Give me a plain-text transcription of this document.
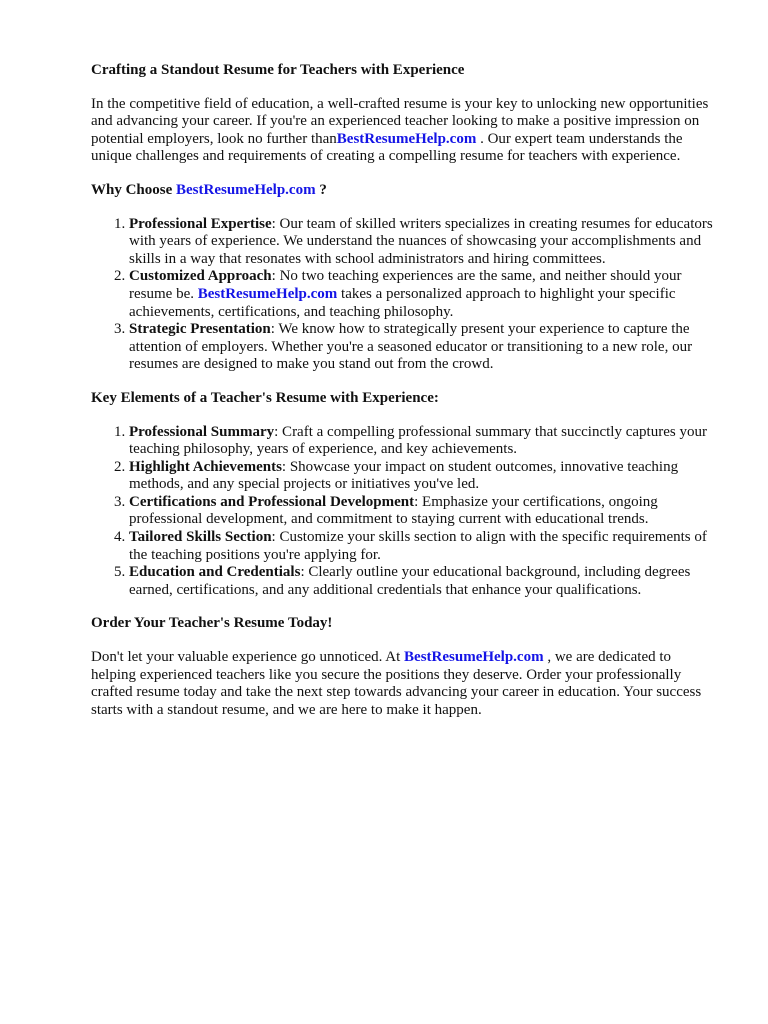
Crafting a Standout Resume for Teachers with Experience

In the competitive field of education, a well-crafted resume is your key to unlocking new opportunities and advancing your career. If you're an experienced teacher looking to make a positive impression on potential employers, look no further thanBestResumeHelp.com . Our expert team understands the unique challenges and requirements of creating a compelling resume for teachers with experience.

Why Choose BestResumeHelp.com ?
1. Professional Expertise: Our team of skilled writers specializes in creating resumes for educators with years of experience. We understand the nuances of showcasing your accomplishments and skills in a way that resonates with school administrators and hiring committees.
2. Customized Approach: No two teaching experiences are the same, and neither should your resume be. BestResumeHelp.com takes a personalized approach to highlight your specific achievements, certifications, and teaching philosophy.
3. Strategic Presentation: We know how to strategically present your experience to capture the attention of employers. Whether you're a seasoned educator or transitioning to a new role, our resumes are designed to make you stand out from the crowd.
Key Elements of a Teacher's Resume with Experience:
1. Professional Summary: Craft a compelling professional summary that succinctly captures your teaching philosophy, years of experience, and key achievements.
2. Highlight Achievements: Showcase your impact on student outcomes, innovative teaching methods, and any special projects or initiatives you've led.
3. Certifications and Professional Development: Emphasize your certifications, ongoing professional development, and commitment to staying current with educational trends.
4. Tailored Skills Section: Customize your skills section to align with the specific requirements of the teaching positions you're applying for.
5. Education and Credentials: Clearly outline your educational background, including degrees earned, certifications, and any additional credentials that enhance your qualifications.
Order Your Teacher's Resume Today!

Don't let your valuable experience go unnoticed. At BestResumeHelp.com , we are dedicated to helping experienced teachers like you secure the positions they deserve. Order your professionally crafted resume today and take the next step towards advancing your career in education. Your success starts with a standout resume, and we are here to make it happen.
